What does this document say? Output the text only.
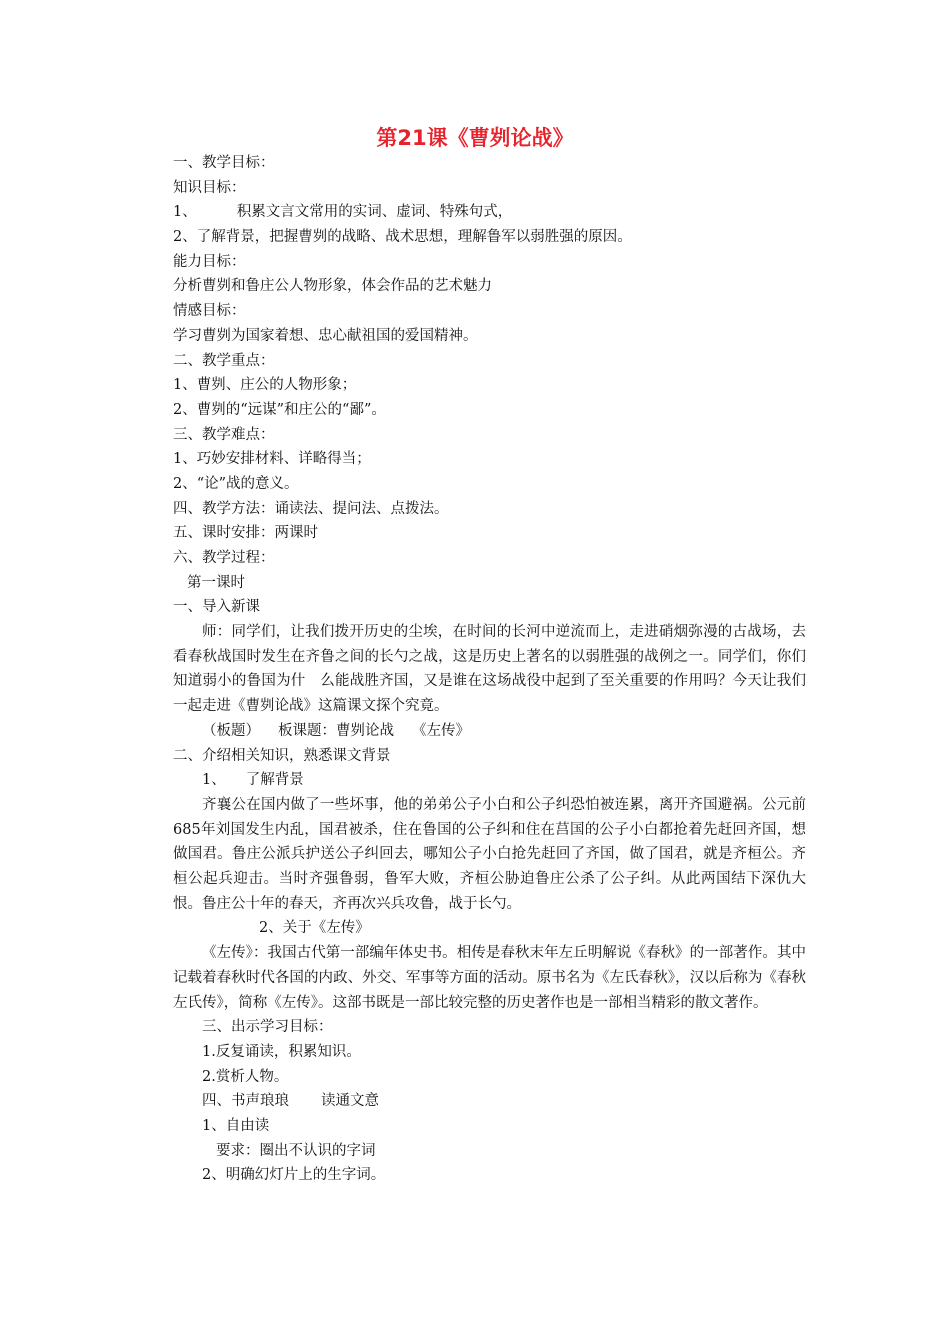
第21课《曹刿论战》
一、教学目标：
知识目标：
1、	积累文言文常用的实词、虚词、特殊句式，
2、了解背景，把握曹刿的战略、战术思想，理解鲁军以弱胜强的原因。
能力目标：
分析曹刿和鲁庄公人物形象，体会作品的艺术魅力
情感目标：
学习曹刿为国家着想、忠心献祖国的爱国精神。
二、教学重点：
1、曹刿、庄公的人物形象；
2、曹刿的“远谋”和庄公的“鄙”。
三、教学难点：
1、巧妙安排材料、详略得当；
2、“论”战的意义。
四、教学方法：诵读法、提问法、点拨法。
五、课时安排：两课时
六、教学过程：
第一课时
一、导入新课
师：同学们，让我们拨开历史的尘埃，在时间的长河中逆流而上，走进硝烟弥漫的古战场，去看春秋战国时发生在齐鲁之间的长勺之战，这是历史上著名的以弱胜强的战例之一。同学们，你们知道弱小的鲁国为什　么能战胜齐国，又是谁在这场战役中起到了至关重要的作用吗？今天让我们一起走进《曹刿论战》这篇课文探个究竟。
（板题） 板课题：曹刿论战 《左传》
二、介绍相关知识，熟悉课文背景
1、 了解背景
齐襄公在国内做了一些坏事，他的弟弟公子小白和公子纠恐怕被连累，离开齐国避祸。公元前685年刘国发生内乱，国君被杀，住在鲁国的公子纠和住在莒国的公子小白都抢着先赶回齐国，想做国君。鲁庄公派兵护送公子纠回去，哪知公子小白抢先赶回了齐国，做了国君，就是齐桓公。齐桓公起兵迎击。当时齐强鲁弱，鲁军大败，齐桓公胁迫鲁庄公杀了公子纠。从此两国结下深仇大恨。鲁庄公十年的春天，齐再次兴兵攻鲁，战于长勺。
2、关于《左传》
《左传》：我国古代第一部编年体史书。相传是春秋末年左丘明解说《春秋》的一部著作。其中记载着春秋时代各国的内政、外交、军事等方面的活动。原书名为《左氏春秋》，汉以后称为《春秋左氏传》，简称《左传》。这部书既是一部比较完整的历史著作也是一部相当精彩的散文著作。
三、出示学习目标：
1.反复诵读，积累知识。
2.赏析人物。
四、书声琅琅 读通文意
1、自由读
要求：圈出不认识的字词
2、明确幻灯片上的生字词。
